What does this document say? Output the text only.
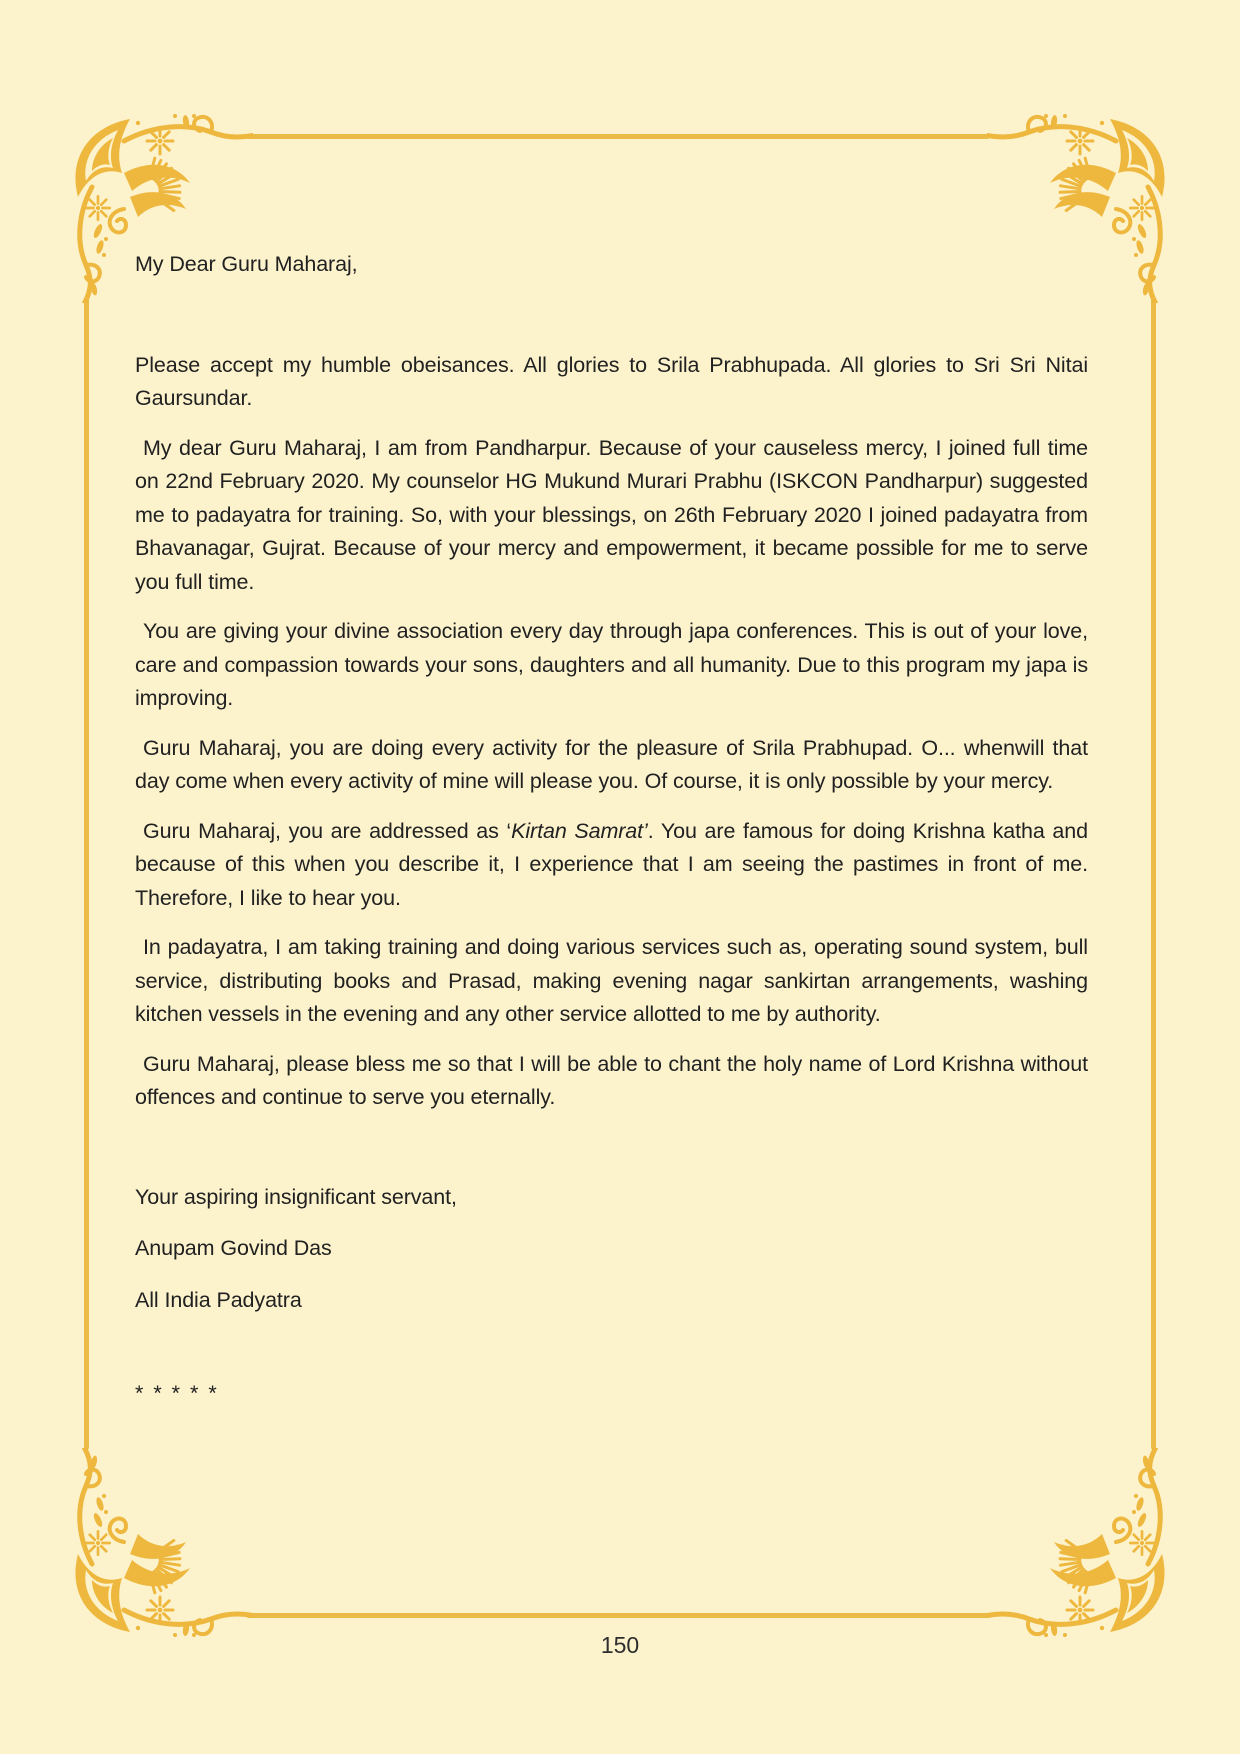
My Dear Guru Maharaj,

Please accept my humble obeisances. All glories to Srila Prabhupada. All glories to Sri Sri Nitai Gaursundar.

My dear Guru Maharaj, I am from Pandharpur. Because of your causeless mercy, I joined full time on 22nd February 2020. My counselor HG Mukund Murari Prabhu (ISKCON Pandharpur) suggested me to padayatra for training. So, with your blessings, on 26th February 2020 I joined padayatra from Bhavanagar, Gujrat. Because of your mercy and empowerment, it became possible for me to serve you full time.

You are giving your divine association every day through japa conferences. This is out of your love, care and compassion towards your sons, daughters and all humanity. Due to this program my japa is improving.

Guru Maharaj, you are doing every activity for the pleasure of Srila Prabhupad. O... whenwill that day come when every activity of mine will please you. Of course, it is only possible by your mercy.

Guru Maharaj, you are addressed as ‘Kirtan Samrat’. You are famous for doing Krishna katha and because of this when you describe it, I experience that I am seeing the pastimes in front of me. Therefore, I like to hear you.

In padayatra, I am taking training and doing various services such as, operating sound system, bull service, distributing books and Prasad, making evening nagar sankirtan arrangements, washing kitchen vessels in the evening and any other service allotted to me by authority.

Guru Maharaj, please bless me so that I will be able to chant the holy name of Lord Krishna without offences and continue to serve you eternally.

Your aspiring insignificant servant,
Anupam Govind Das
All India Padyatra
* * * * *
150
